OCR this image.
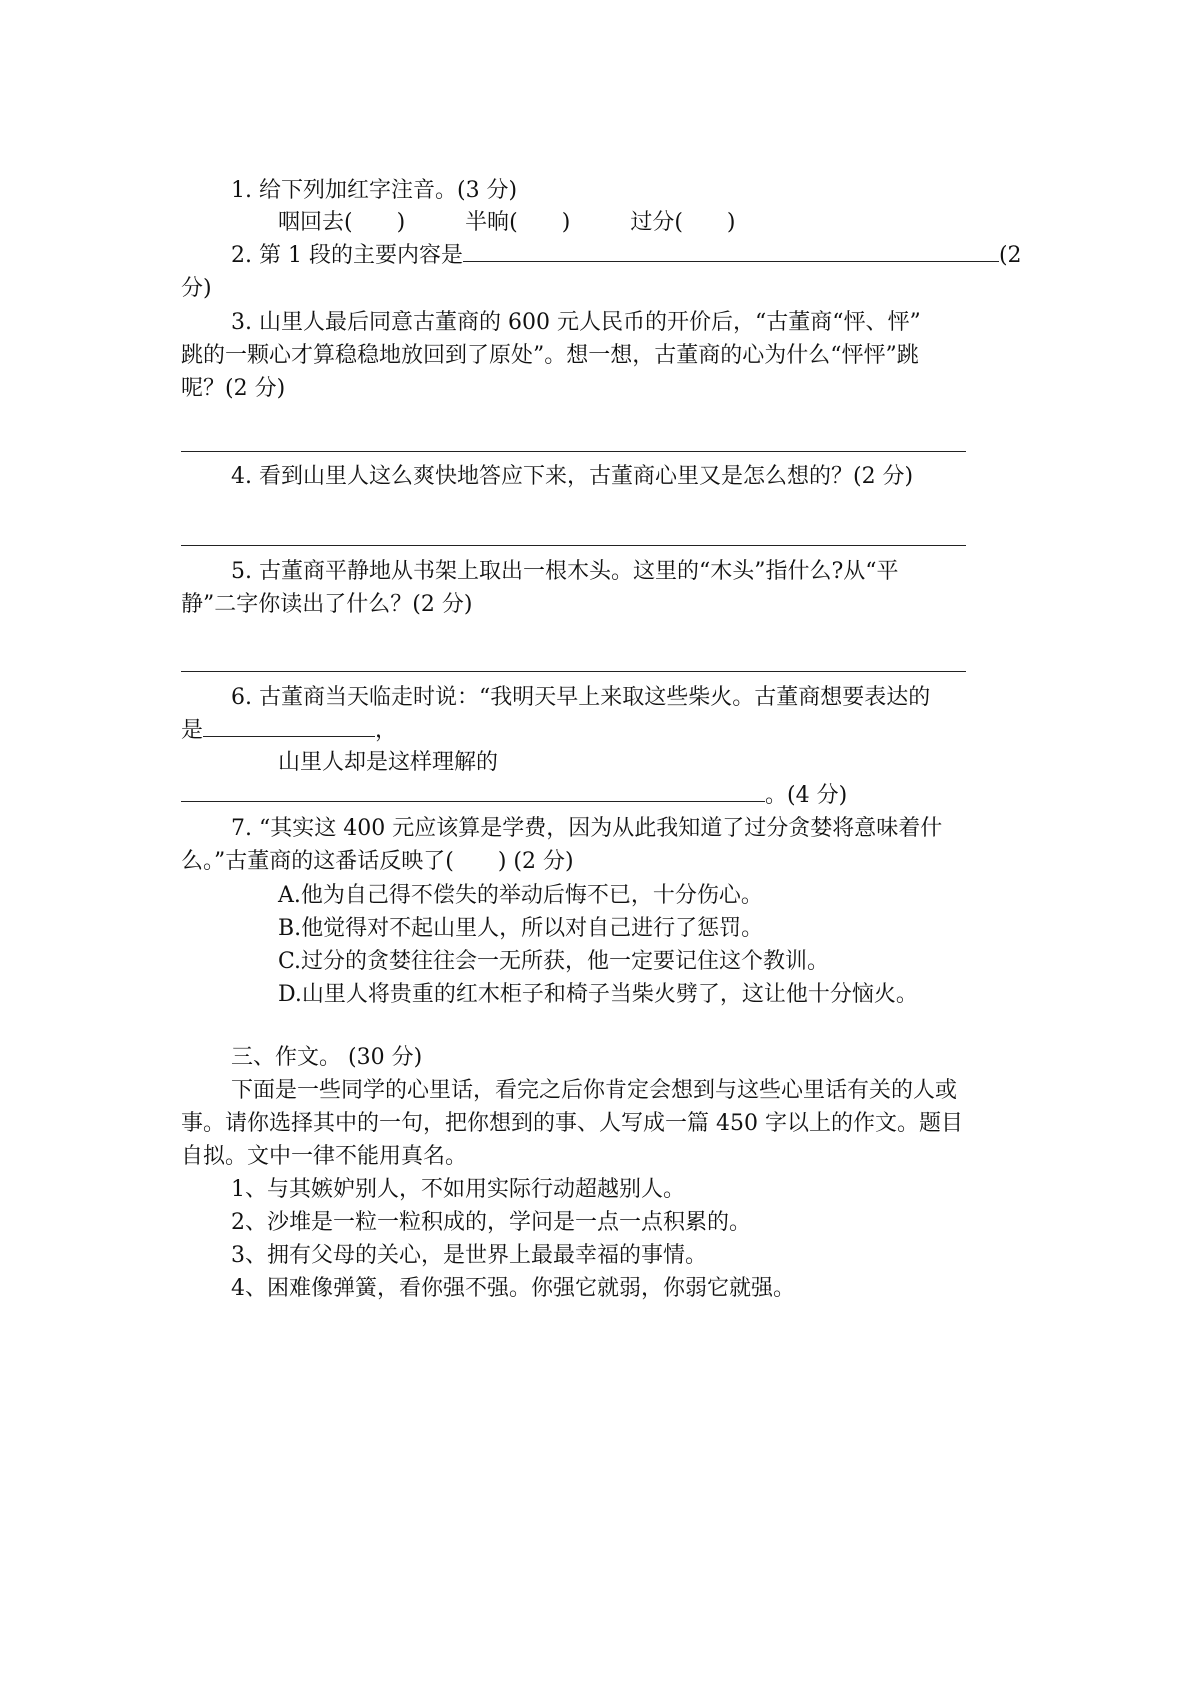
1. 给下列加红字注音。(3 分)
咽回去(　　)	半晌(　　)	过分(　　)
2. 第 1 段的主要内容是	(2
分)
3. 山里人最后同意古董商的 600 元人民币的开价后，“古董商“怦、怦”
跳的一颗心才算稳稳地放回到了原处”。想一想，古董商的心为什么“怦怦”跳
呢？(2 分)
4. 看到山里人这么爽快地答应下来，古董商心里又是怎么想的？(2 分)
5. 古董商平静地从书架上取出一根木头。这里的“木头”指什么?从“平
静”二字你读出了什么？(2 分)
6. 古董商当天临走时说：“我明天早上来取这些柴火。古董商想要表达的
是	，
山里人却是这样理解的
。(4 分)
7. “其实这 400 元应该算是学费，因为从此我知道了过分贪婪将意味着什
么。”古董商的这番话反映了(　　) (2 分)
A.他为自己得不偿失的举动后悔不已，十分伤心。
B.他觉得对不起山里人，所以对自己进行了惩罚。
C.过分的贪婪往往会一无所获，他一定要记住这个教训。
D.山里人将贵重的红木柜子和椅子当柴火劈了，这让他十分恼火。
三、作文。 (30 分)
下面是一些同学的心里话，看完之后你肯定会想到与这些心里话有关的人或
事。请你选择其中的一句，把你想到的事、人写成一篇 450 字以上的作文。题目
自拟。文中一律不能用真名。
1、与其嫉妒别人，不如用实际行动超越别人。
2、沙堆是一粒一粒积成的，学问是一点一点积累的。
3、拥有父母的关心，是世界上最最幸福的事情。
4、困难像弹簧，看你强不强。你强它就弱，你弱它就强。
